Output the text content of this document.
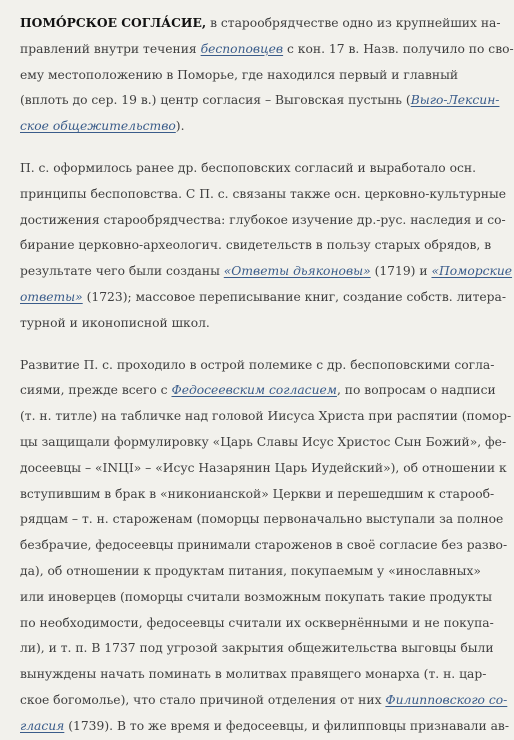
ПОМО́РСКОЕ СОГЛА́СИЕ, в старообрядчестве одно из крупнейших на-
правлений внутри течения беспоповцев с кон. 17 в. Назв. получило по сво-
ему местоположению в Поморье, где находился первый и главный
(вплоть до сер. 19 в.) центр согласия – Выговская пустынь (Выго-Лексин-
ское общежительство).

П. с. оформилось ранее др. беспоповских согласий и выработало осн.
принципы беспоповства. С П. с. связаны также осн. церковно-культурные
достижения старообрядчества: глубокое изучение др.-рус. наследия и со-
бирание церковно-археологич. свидетельств в пользу старых обрядов, в
результате чего были созданы «Ответы дьяконовы» (1719) и «Поморские
ответы» (1723); массовое переписывание книг, создание собств. литера-
турной и иконописной школ.

Развитие П. с. проходило в острой полемике с др. беспоповскими согла-
сиями, прежде всего с Федосеевским согласием, по вопросам о надписи
(т. н. титле) на табличке над головой Иисуса Христа при распятии (помор-
цы защищали формулировку «Царь Славы Исус Христос Сын Божий», фе-
досеевцы – «INЦI» – «Исус Назарянин Царь Иудейский»), об отношении к
вступившим в брак в «никонианской» Церкви и перешедшим к старооб-
рядцам – т. н. староженам (поморцы первоначально выступали за полное
безбрачие, федосеевцы принимали староженов в своё согласие без разво-
да), об отношении к продуктам питания, покупаемым у «инославных»
или иноверцев (поморцы считали возможным покупать такие продукты
по необходимости, федосеевцы считали их осквернёнными и не покупа-
ли), и т. п. В 1737 под угрозой закрытия общежительства выговцы были
вынуждены начать поминать в молитвах правящего монарха (т. н. цар-
ское богомолье), что стало причиной отделения от них Филипповского со-
гласия (1739). В то же время и федосеевцы, и филипповцы признавали ав-
